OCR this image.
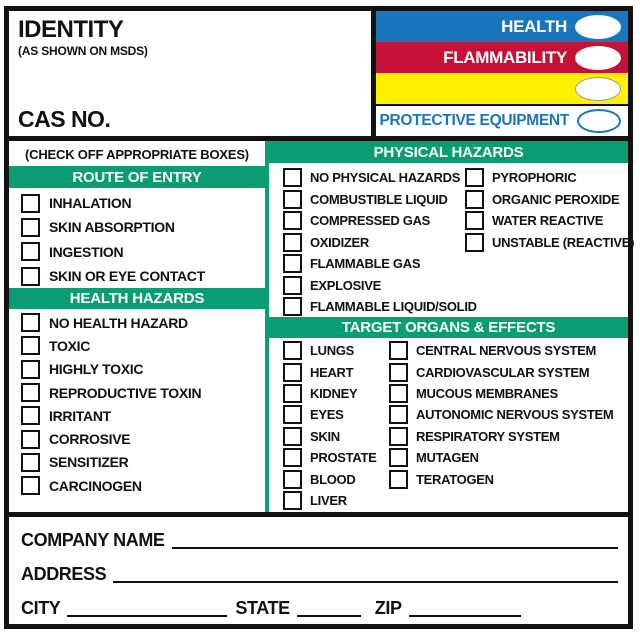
IDENTITY
(AS SHOWN ON MSDS)
CAS NO.
HEALTH
FLAMMABILITY
PROTECTIVE EQUIPMENT
(CHECK OFF APPROPRIATE BOXES)
ROUTE OF ENTRY
INHALATION
SKIN ABSORPTION
INGESTION
SKIN OR EYE CONTACT
HEALTH HAZARDS
NO HEALTH HAZARD
TOXIC
HIGHLY TOXIC
REPRODUCTIVE TOXIN
IRRITANT
CORROSIVE
SENSITIZER
CARCINOGEN
PHYSICAL HAZARDS
NO PHYSICAL HAZARDS
COMBUSTIBLE LIQUID
COMPRESSED GAS
OXIDIZER
FLAMMABLE GAS
EXPLOSIVE
FLAMMABLE LIQUID/SOLID
PYROPHORIC
ORGANIC PEROXIDE
WATER REACTIVE
UNSTABLE (REACTIVE)
TARGET ORGANS & EFFECTS
LUNGS
HEART
KIDNEY
EYES
SKIN
PROSTATE
BLOOD
LIVER
CENTRAL NERVOUS SYSTEM
CARDIOVASCULAR SYSTEM
MUCOUS MEMBRANES
AUTONOMIC NERVOUS SYSTEM
RESPIRATORY SYSTEM
MUTAGEN
TERATOGEN
COMPANY NAME
ADDRESS
CITY	STATE	ZIP
